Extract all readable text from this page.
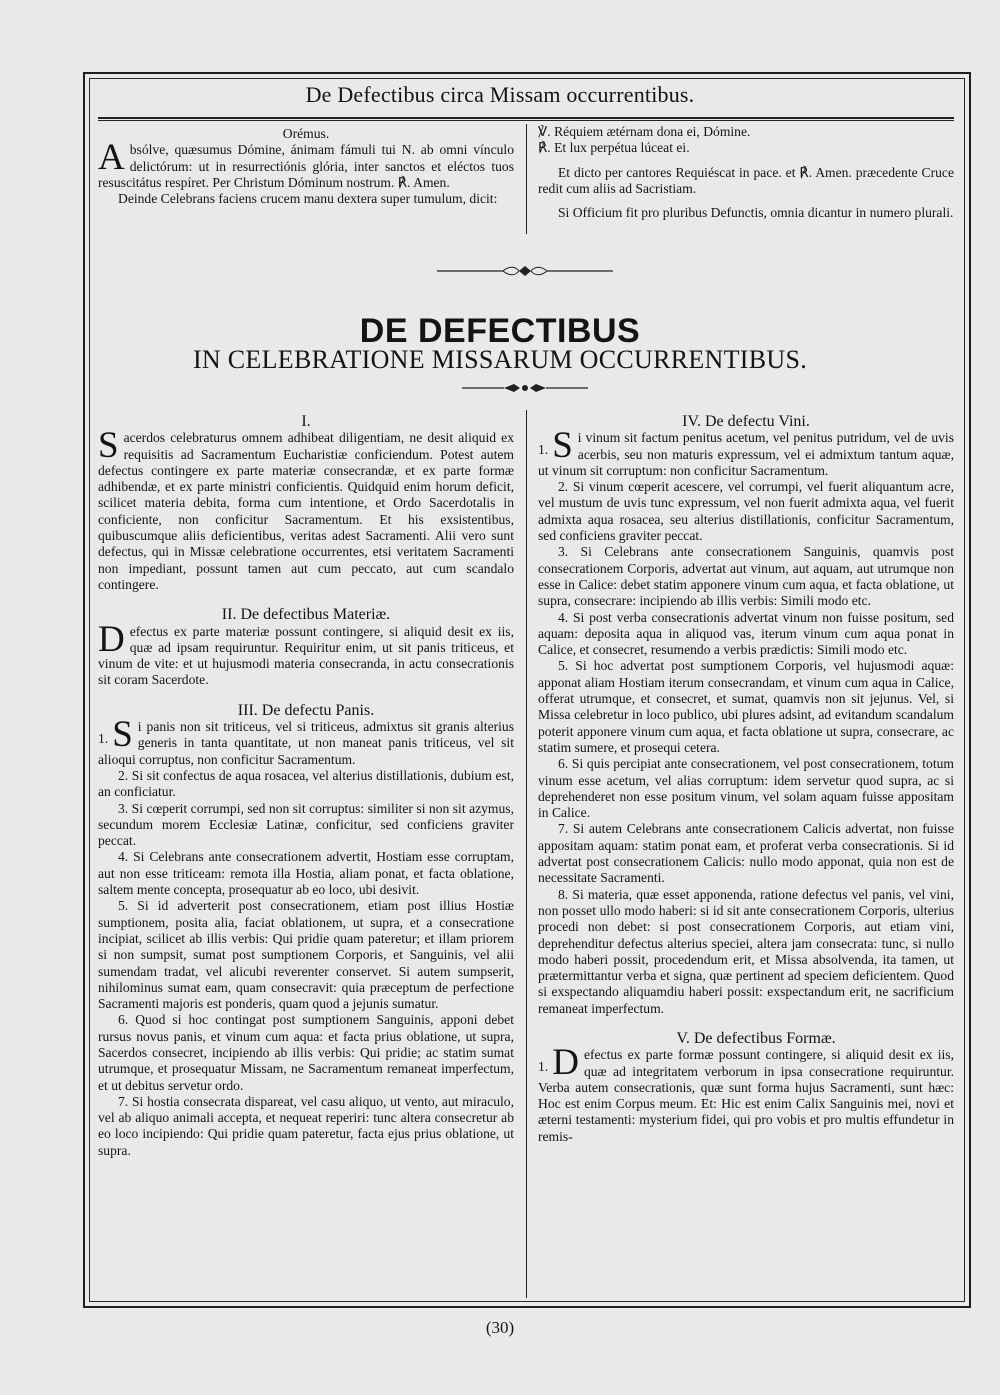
De Defectibus circa Missam occurrentibus.

Orémus.

A bsólve, quæsumus Dómine, ánimam fámuli tui N. ab omni vínculo delictórum: ut in resurrectiónis glória, inter sanctos et eléctos tuos resuscitátus respíret. Per Christum Dóminum nostrum. ℟. Amen.

Deinde Celebrans faciens crucem manu dextera super tumulum, dicit:

℣. Réquiem ætérnam dona ei, Dómine.

℟. Et lux perpétua lúceat ei.

Et dicto per cantores Requiéscat in pace. et ℟. Amen. præcedente Cruce redit cum aliis ad Sacristiam.

Si Officium fit pro pluribus Defunctis, omnia dicantur in numero plurali.

DE DEFECTIBUS
IN CELEBRATIONE MISSARUM OCCURRENTIBUS.

I.

S acerdos celebraturus omnem adhibeat diligentiam, ne desit aliquid ex requisitis ad Sacramentum Eucharistiæ conficiendum. Potest autem defectus contingere ex parte materiæ consecrandæ, et ex parte formæ adhibendæ, et ex parte ministri conficientis. Quidquid enim horum deficit, scilicet materia debita, forma cum intentione, et Ordo Sacerdotalis in conficiente, non conficitur Sacramentum. Et his exsistentibus, quibuscumque aliis deficientibus, veritas adest Sacramenti. Alii vero sunt defectus, qui in Missæ celebratione occurrentes, etsi veritatem Sacramenti non impediant, possunt tamen aut cum peccato, aut cum scandalo contingere.

II. De defectibus Materiæ.

D efectus ex parte materiæ possunt contingere, si aliquid desit ex iis, quæ ad ipsam requiruntur. Requiritur enim, ut sit panis triticeus, et vinum de vite: et ut hujusmodi materia consecranda, in actu consecrationis sit coram Sacerdote.

III. De defectu Panis.

1. S i panis non sit triticeus, vel si triticeus, admixtus sit granis alterius generis in tanta quantitate, ut non maneat panis triticeus, vel sit alioqui corruptus, non conficitur Sacramentum.

2. Si sit confectus de aqua rosacea, vel alterius distillationis, dubium est, an conficiatur.

3. Si cœperit corrumpi, sed non sit corruptus: similiter si non sit azymus, secundum morem Ecclesiæ Latinæ, conficitur, sed conficiens graviter peccat.

4. Si Celebrans ante consecrationem advertit, Hostiam esse corruptam, aut non esse triticeam: remota illa Hostia, aliam ponat, et facta oblatione, saltem mente concepta, prosequatur ab eo loco, ubi desivit.

5. Si id adverterit post consecrationem, etiam post illius Hostiæ sumptionem, posita alia, faciat oblationem, ut supra, et a consecratione incipiat, scilicet ab illis verbis: Qui pridie quam pateretur; et illam priorem si non sumpsit, sumat post sumptionem Corporis, et Sanguinis, vel alii sumendam tradat, vel alicubi reverenter conservet. Si autem sumpserit, nihilominus sumat eam, quam consecravit: quia præceptum de perfectione Sacramenti majoris est ponderis, quam quod a jejunis sumatur.

6. Quod si hoc contingat post sumptionem Sanguinis, apponi debet rursus novus panis, et vinum cum aqua: et facta prius oblatione, ut supra, Sacerdos consecret, incipiendo ab illis verbis: Qui pridie; ac statim sumat utrumque, et prosequatur Missam, ne Sacramentum remaneat imperfectum, et ut debitus servetur ordo.

7. Si hostia consecrata dispareat, vel casu aliquo, ut vento, aut miraculo, vel ab aliquo animali accepta, et nequeat reperiri: tunc altera consecretur ab eo loco incipiendo: Qui pridie quam pateretur, facta ejus prius oblatione, ut supra.

IV. De defectu Vini.

1. S i vinum sit factum penitus acetum, vel penitus putridum, vel de uvis acerbis, seu non maturis expressum, vel ei admixtum tantum aquæ, ut vinum sit corruptum: non conficitur Sacramentum.

2. Si vinum cœperit acescere, vel corrumpi, vel fuerit aliquantum acre, vel mustum de uvis tunc expressum, vel non fuerit admixta aqua, vel fuerit admixta aqua rosacea, seu alterius distillationis, conficitur Sacramentum, sed conficiens graviter peccat.

3. Si Celebrans ante consecrationem Sanguinis, quamvis post consecrationem Corporis, advertat aut vinum, aut aquam, aut utrumque non esse in Calice: debet statim apponere vinum cum aqua, et facta oblatione, ut supra, consecrare: incipiendo ab illis verbis: Simili modo etc.

4. Si post verba consecrationis advertat vinum non fuisse positum, sed aquam: deposita aqua in aliquod vas, iterum vinum cum aqua ponat in Calice, et consecret, resumendo a verbis prædictis: Simili modo etc.

5. Si hoc advertat post sumptionem Corporis, vel hujusmodi aquæ: apponat aliam Hostiam iterum consecrandam, et vinum cum aqua in Calice, offerat utrumque, et consecret, et sumat, quamvis non sit jejunus. Vel, si Missa celebretur in loco publico, ubi plures adsint, ad evitandum scandalum poterit apponere vinum cum aqua, et facta oblatione ut supra, consecrare, ac statim sumere, et prosequi cetera.

6. Si quis percipiat ante consecrationem, vel post consecrationem, totum vinum esse acetum, vel alias corruptum: idem servetur quod supra, ac si deprehenderet non esse positum vinum, vel solam aquam fuisse appositam in Calice.

7. Si autem Celebrans ante consecrationem Calicis advertat, non fuisse appositam aquam: statim ponat eam, et proferat verba consecrationis. Si id advertat post consecrationem Calicis: nullo modo apponat, quia non est de necessitate Sacramenti.

8. Si materia, quæ esset apponenda, ratione defectus vel panis, vel vini, non posset ullo modo haberi: si id sit ante consecrationem Corporis, ulterius procedi non debet: si post consecrationem Corporis, aut etiam vini, deprehenditur defectus alterius speciei, altera jam consecrata: tunc, si nullo modo haberi possit, procedendum erit, et Missa absolvenda, ita tamen, ut prætermittantur verba et signa, quæ pertinent ad speciem deficientem. Quod si exspectando aliquamdiu haberi possit: exspectandum erit, ne sacrificium remaneat imperfectum.

V. De defectibus Formæ.

1. D efectus ex parte formæ possunt contingere, si aliquid desit ex iis, quæ ad integritatem verborum in ipsa consecratione requiruntur. Verba autem consecrationis, quæ sunt forma hujus Sacramenti, sunt hæc: Hoc est enim Corpus meum. Et: Hic est enim Calix Sanguinis mei, novi et æterni testamenti: mysterium fidei, qui pro vobis et pro multis effundetur in remis-

(30)
